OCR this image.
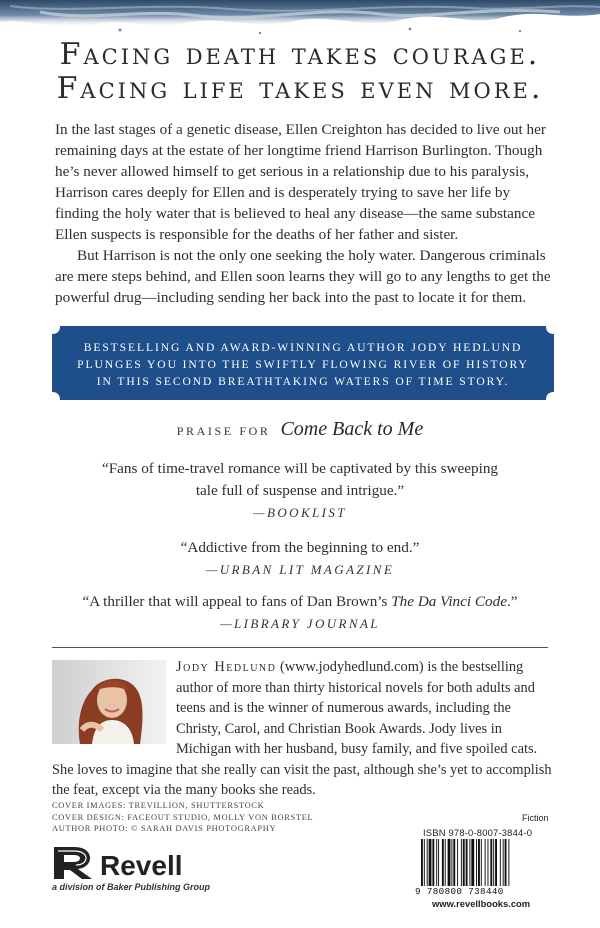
Facing death takes courage.
Facing life takes even more.

In the last stages of a genetic disease, Ellen Creighton has decided to live out her remaining days at the estate of her longtime friend Harrison Burlington. Though he’s never allowed himself to get serious in a relationship due to his paralysis, Harrison cares deeply for Ellen and is desperately trying to save her life by finding the holy water that is believed to heal any disease—the same substance Ellen suspects is responsible for the deaths of her father and sister.

But Harrison is not the only one seeking the holy water. Dangerous criminals are mere steps behind, and Ellen soon learns they will go to any lengths to get the powerful drug—including sending her back into the past to locate it for them.

BESTSELLING AND AWARD-WINNING AUTHOR JODY HEDLUND
PLUNGES YOU INTO THE SWIFTLY FLOWING RIVER OF HISTORY
IN THIS SECOND BREATHTAKING WATERS OF TIME STORY.
PRAISE FOR Come Back to Me
“Fans of time-travel romance will be captivated by this sweeping
tale full of suspense and intrigue.”
—BOOKLIST
“Addictive from the beginning to end.”
—URBAN LIT MAGAZINE
“A thriller that will appeal to fans of Dan Brown’s The Da Vinci Code.”
—LIBRARY JOURNAL
Jody Hedlund (www.jodyhedlund.com) is the bestselling author of more than thirty historical novels for both adults and teens and is the winner of numerous awards, including the Christy, Carol, and Christian Book Awards. Jody lives in Michigan with her husband, busy family, and five spoiled cats. She loves to imagine that she really can visit the past, although she’s yet to accomplish the feat, except via the many books she reads.
COVER IMAGES: TREVILLION, SHUTTERSTOCK
COVER DESIGN: FACEOUT STUDIO, MOLLY VON BORSTEL
AUTHOR PHOTO: © SARAH DAVIS PHOTOGRAPHY
Revell
a division of Baker Publishing Group
Fiction
ISBN 978-0-8007-3844-0
9 780800 738440
www.revellbooks.com
